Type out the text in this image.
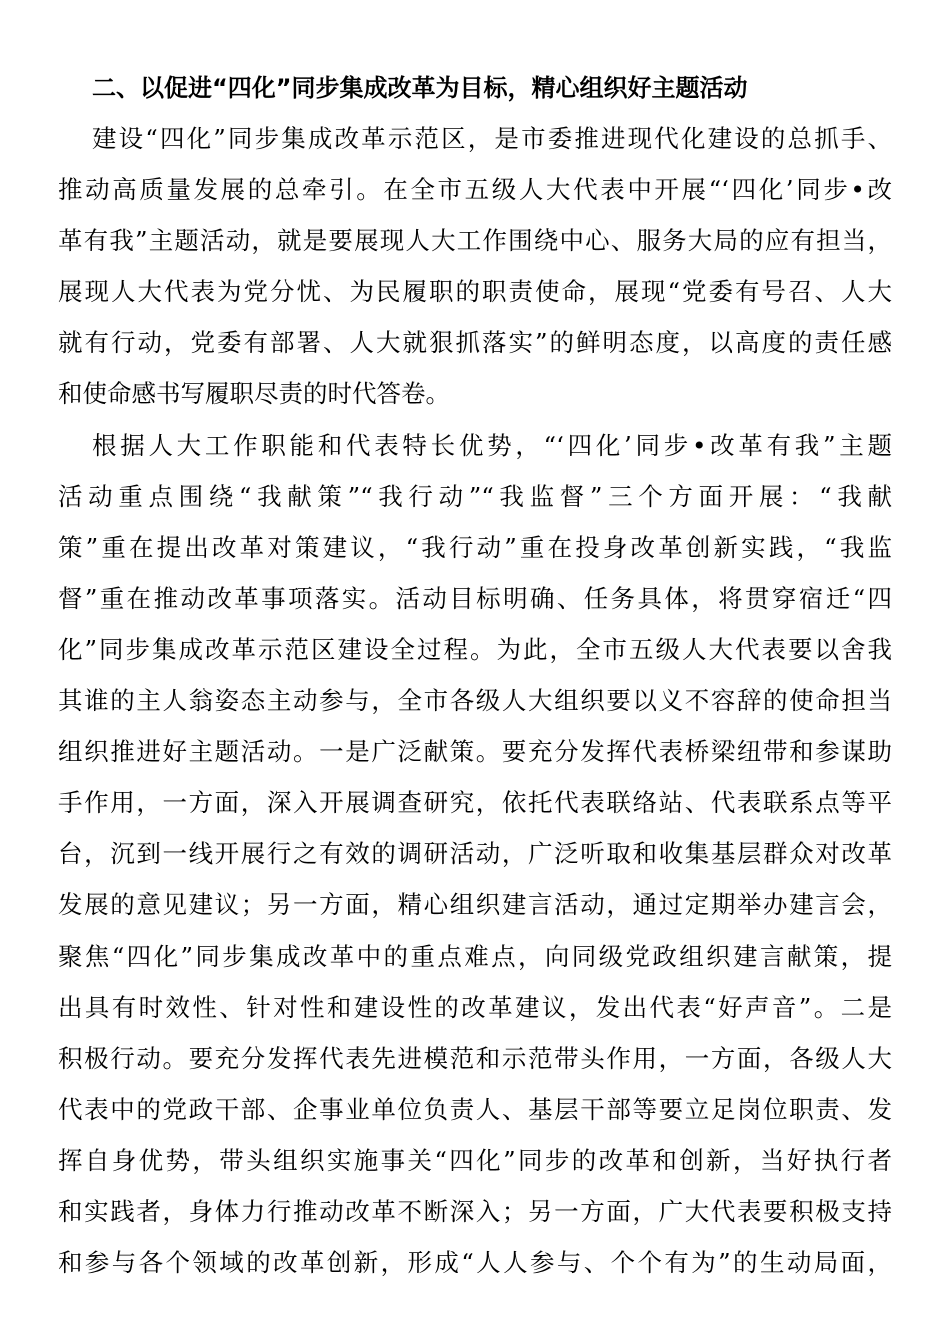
二、以促进“四化”同步集成改革为目标，精心组织好主题活动
建设“四化”同步集成改革示范区，是市委推进现代化建设的总抓手、
推动高质量发展的总牵引。在全市五级人大代表中开展“‘四化’同步•改
革有我”主题活动，就是要展现人大工作围绕中心、服务大局的应有担当，
展现人大代表为党分忧、为民履职的职责使命，展现“党委有号召、人大
就有行动，党委有部署、人大就狠抓落实”的鲜明态度，以高度的责任感
和使命感书写履职尽责的时代答卷。
根据人大工作职能和代表特长优势，“‘四化’同步•改革有我”主题
活动重点围绕“我献策”“我行动”“我监督”三个方面开展：“我献
策”重在提出改革对策建议，“我行动”重在投身改革创新实践，“我监
督”重在推动改革事项落实。活动目标明确、任务具体，将贯穿宿迁“四
化”同步集成改革示范区建设全过程。为此，全市五级人大代表要以舍我
其谁的主人翁姿态主动参与，全市各级人大组织要以义不容辞的使命担当
组织推进好主题活动。一是广泛献策。要充分发挥代表桥梁纽带和参谋助
手作用，一方面，深入开展调查研究，依托代表联络站、代表联系点等平
台，沉到一线开展行之有效的调研活动，广泛听取和收集基层群众对改革
发展的意见建议；另一方面，精心组织建言活动，通过定期举办建言会，
聚焦“四化”同步集成改革中的重点难点，向同级党政组织建言献策，提
出具有时效性、针对性和建设性的改革建议，发出代表“好声音”。二是
积极行动。要充分发挥代表先进模范和示范带头作用，一方面，各级人大
代表中的党政干部、企事业单位负责人、基层干部等要立足岗位职责、发
挥自身优势，带头组织实施事关“四化”同步的改革和创新，当好执行者
和实践者，身体力行推动改革不断深入；另一方面，广大代表要积极支持
和参与各个领域的改革创新，形成“人人参与、个个有为”的生动局面，
